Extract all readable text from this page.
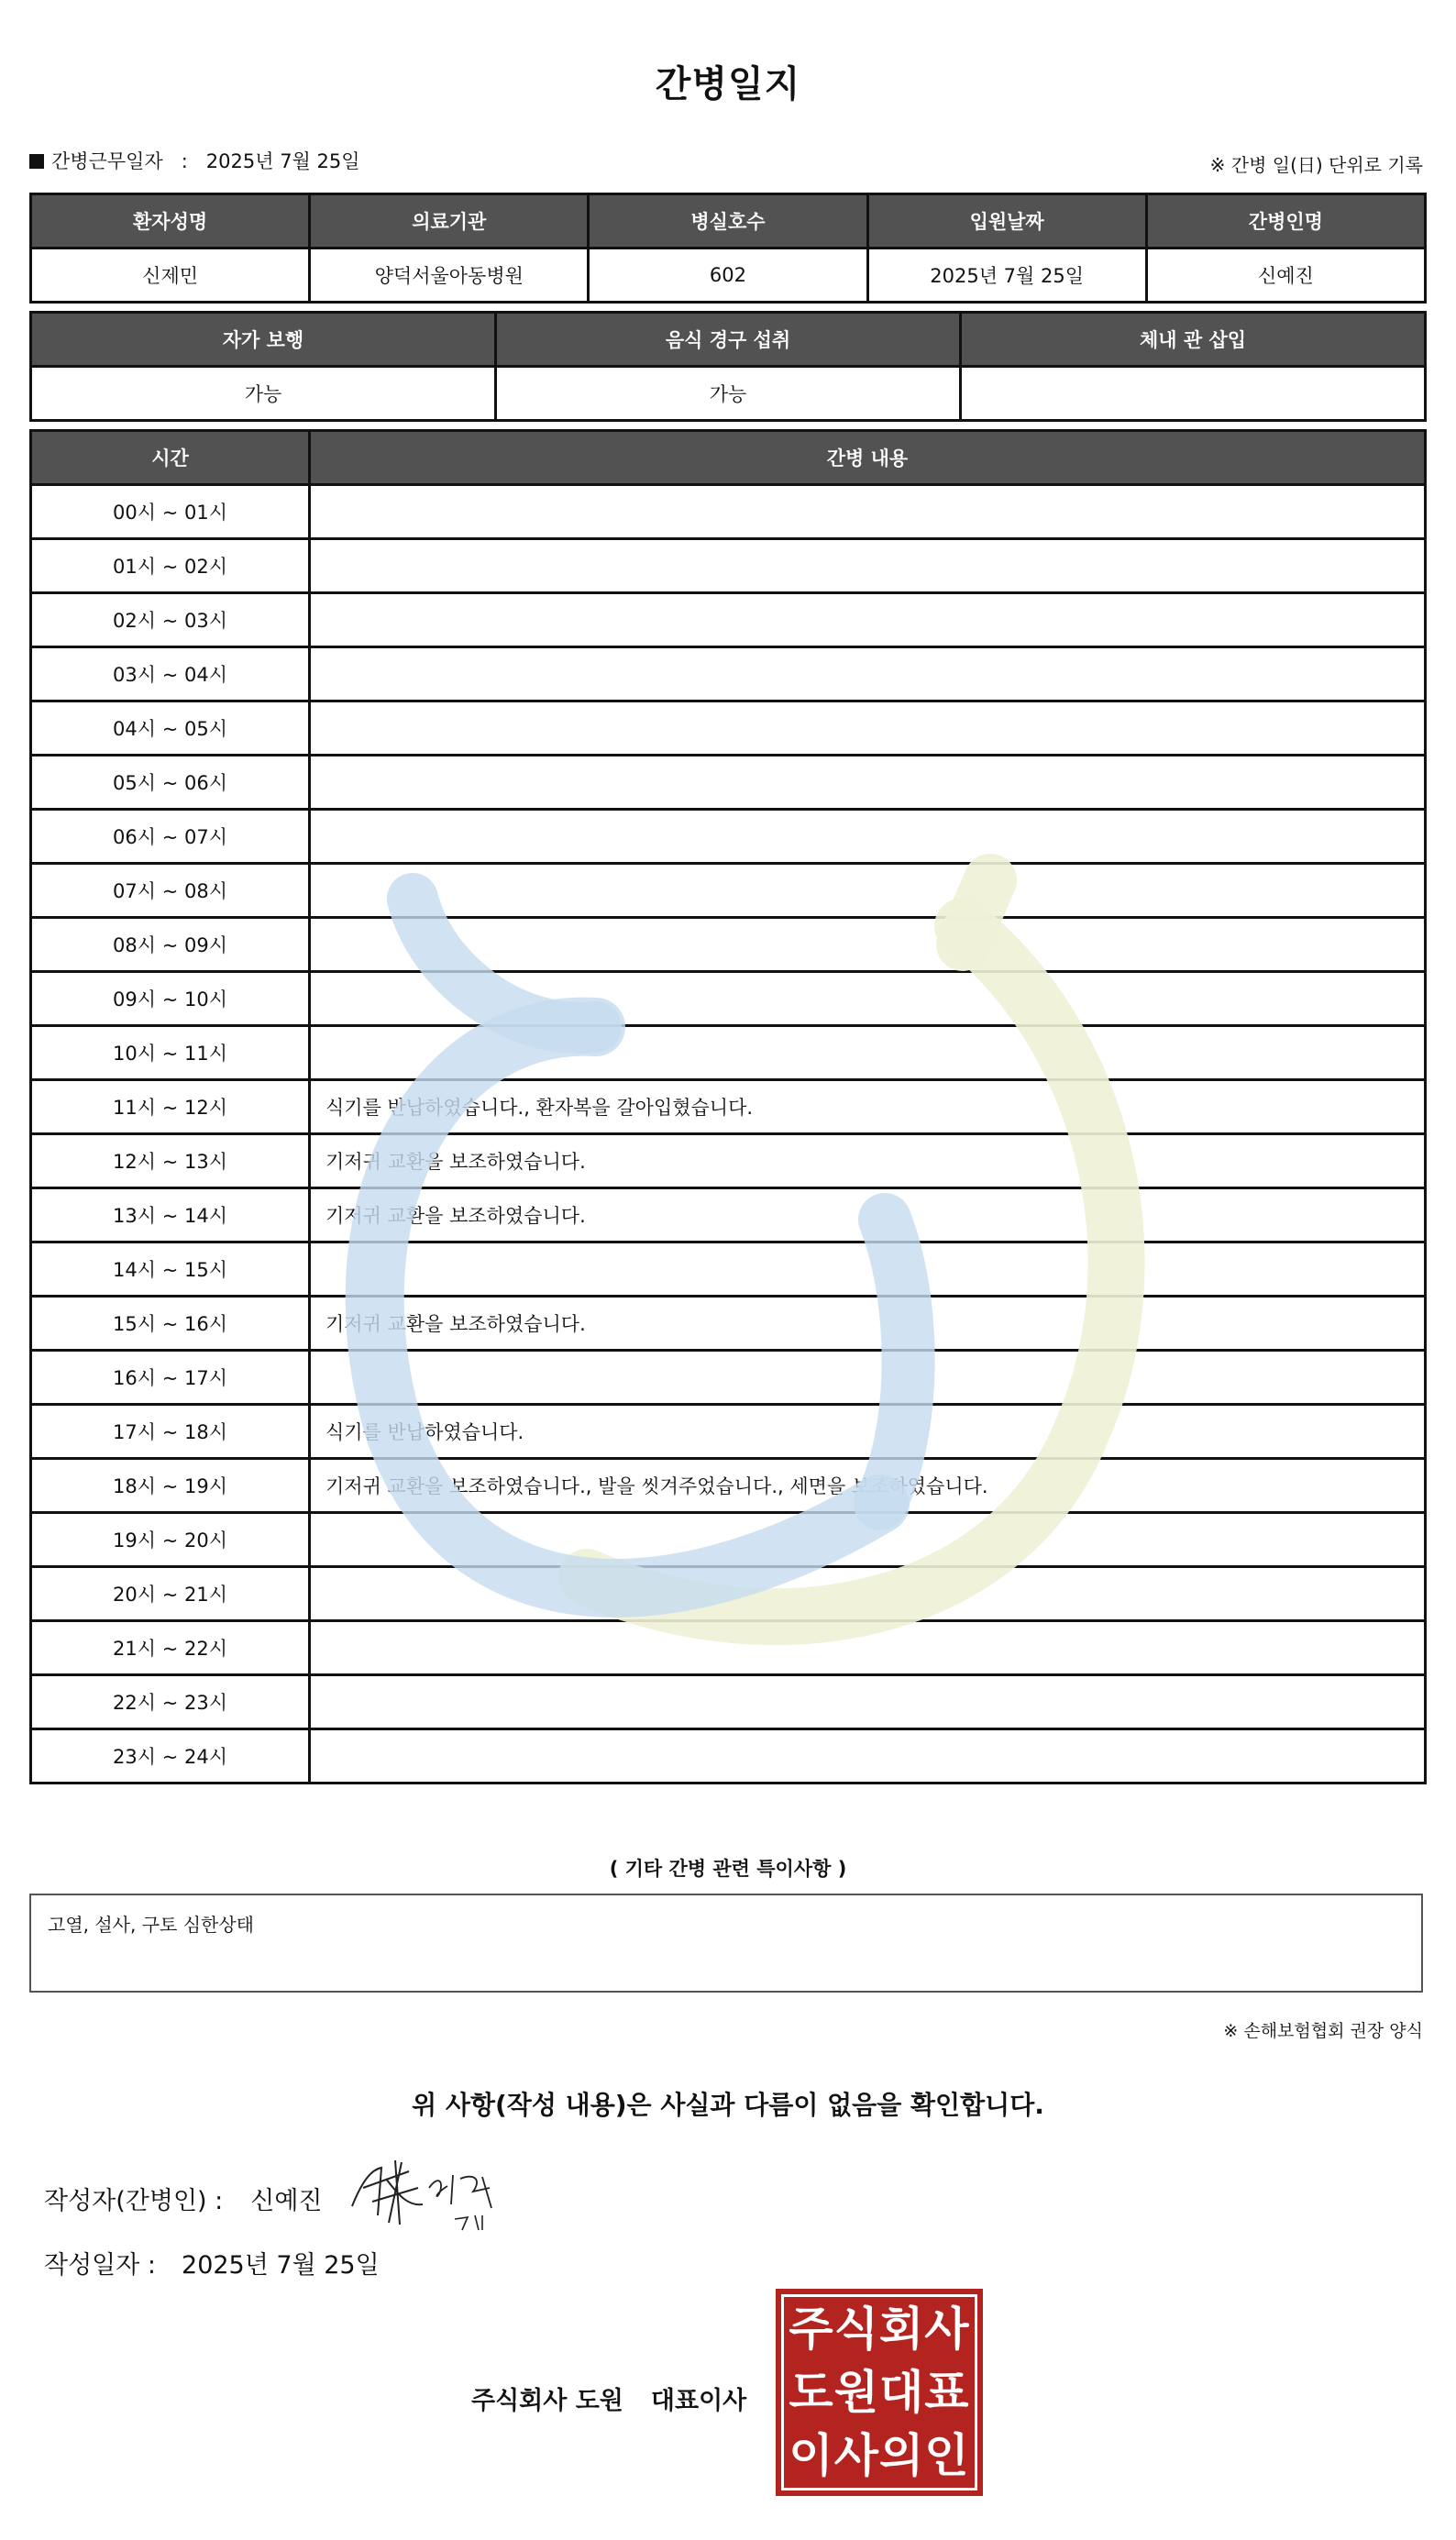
간병일지
간병근무일자 : 2025년 7월 25일	※ 간병 일(日) 단위로 기록
환자성명	의료기관	병실호수	입원날짜	간병인명
신제민	양덕서울아동병원	602	2025년 7월 25일	신예진
자가 보행	음식 경구 섭취	체내 관 삽입
가능	가능	
시간	간병 내용
00시 ~ 01시	
01시 ~ 02시	
02시 ~ 03시	
03시 ~ 04시	
04시 ~ 05시	
05시 ~ 06시	
06시 ~ 07시	
07시 ~ 08시	
08시 ~ 09시	
09시 ~ 10시	
10시 ~ 11시	
11시 ~ 12시	식기를 반납하였습니다., 환자복을 갈아입혔습니다.
12시 ~ 13시	기저귀 교환을 보조하였습니다.
13시 ~ 14시	기저귀 교환을 보조하였습니다.
14시 ~ 15시	
15시 ~ 16시	기저귀 교환을 보조하였습니다.
16시 ~ 17시	
17시 ~ 18시	식기를 반납하였습니다.
18시 ~ 19시	기저귀 교환을 보조하였습니다., 발을 씻겨주었습니다., 세면을 보조하였습니다.
19시 ~ 20시	
20시 ~ 21시	
21시 ~ 22시	
22시 ~ 23시	
23시 ~ 24시	
( 기타 간병 관련 특이사항 )
고열, 설사, 구토 심한상태
※ 손해보험협회 권장 양식
위 사항(작성 내용)은 사실과 다름이 없음을 확인합니다.
작성자(간병인) : 신예진
작성일자 : 2025년 7월 25일
주식회사 도원 대표이사
주식회사
도원대표
이사의인
